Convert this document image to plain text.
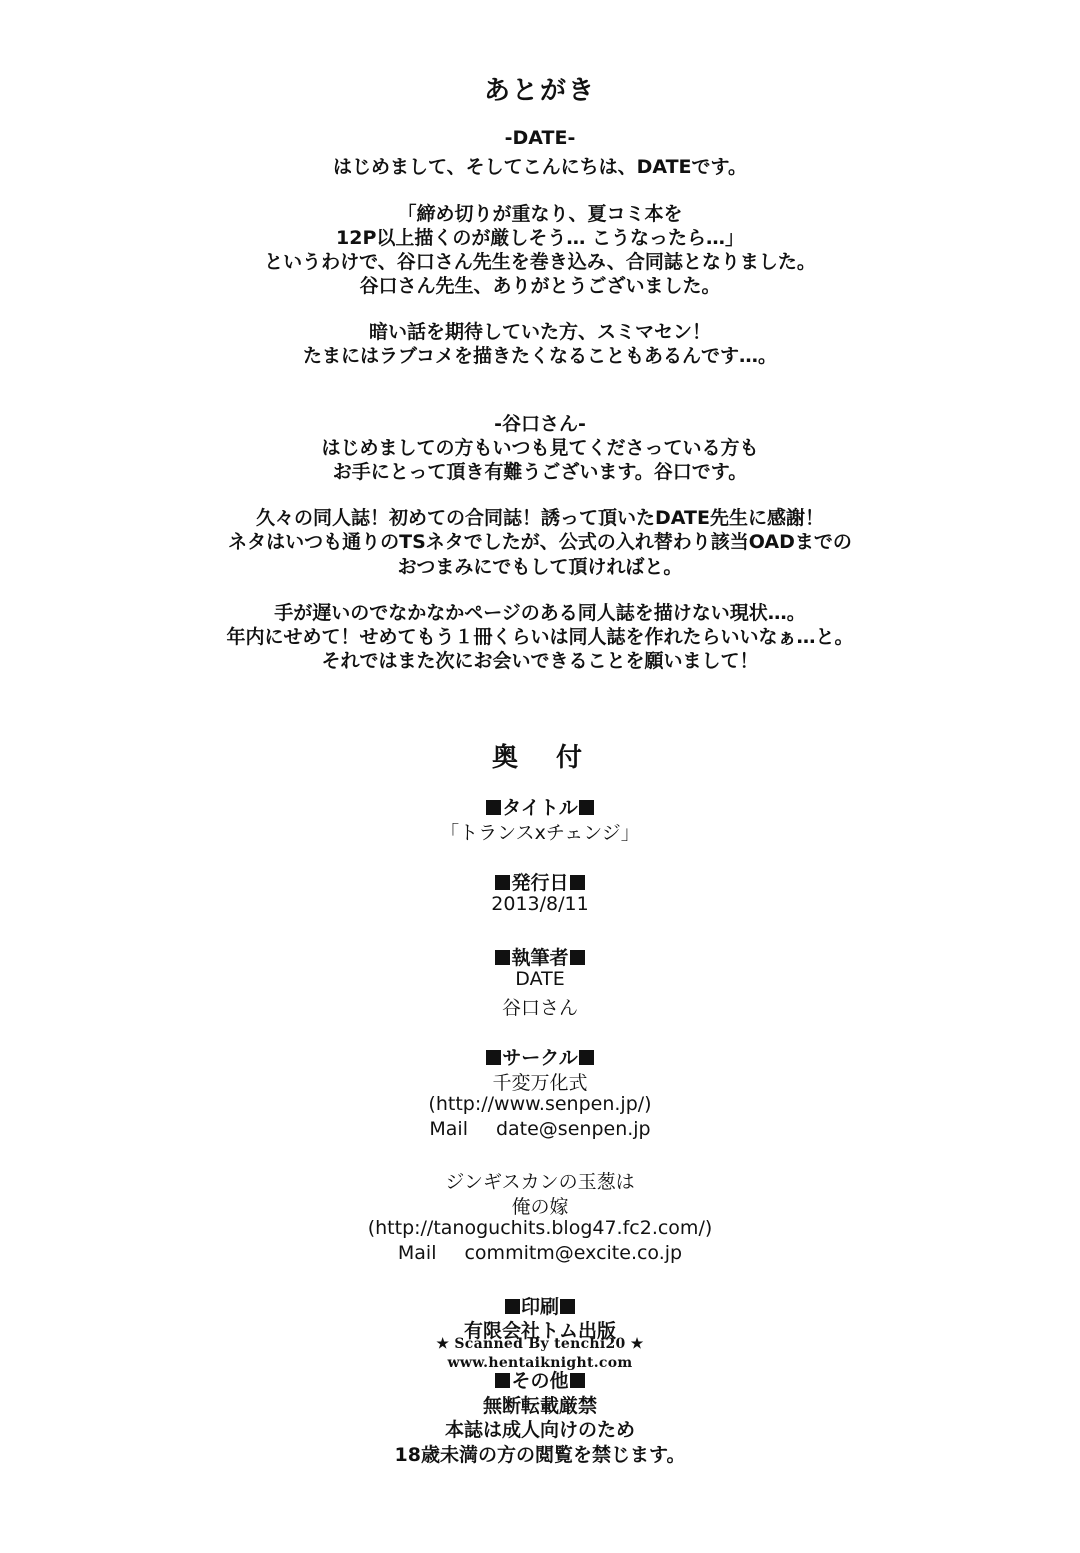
あとがき
-DATE-
はじめまして、そしてこんにちは、DATEです。
「締め切りが重なり、夏コミ本を
12P以上描くのが厳しそう… こうなったら…」
というわけで、谷口さん先生を巻き込み、合同誌となりました。
谷口さん先生、ありがとうございました。
暗い話を期待していた方、スミマセン！
たまにはラブコメを描きたくなることもあるんです…。
-谷口さん-
はじめましての方もいつも見てくださっている方も
お手にとって頂き有難うございます。谷口です。
久々の同人誌！初めての合同誌！誘って頂いたDATE先生に感謝！
ネタはいつも通りのTSネタでしたが、公式の入れ替わり該当OADまでの
おつまみにでもして頂ければと。
手が遅いのでなかなかページのある同人誌を描けない現状…。
年内にせめて！せめてもう１冊くらいは同人誌を作れたらいいなぁ…と。
それではまた次にお会いできることを願いまして！
奥　付
タイトル
「トランスxチェンジ」
発行日
2013/8/11
執筆者
DATE
谷口さん
サークル
千変万化式
(http://www.senpen.jp/)
Mail date@senpen.jp
ジンギスカンの玉葱は
俺の嫁
(http://tanoguchits.blog47.fc2.com/)
Mail commitm@excite.co.jp
印刷
有限会社トム出版
★ Scanned By tenchi20 ★
www.hentaiknight.com
その他
無断転載厳禁
本誌は成人向けのため
18歳未満の方の閲覧を禁じます。
